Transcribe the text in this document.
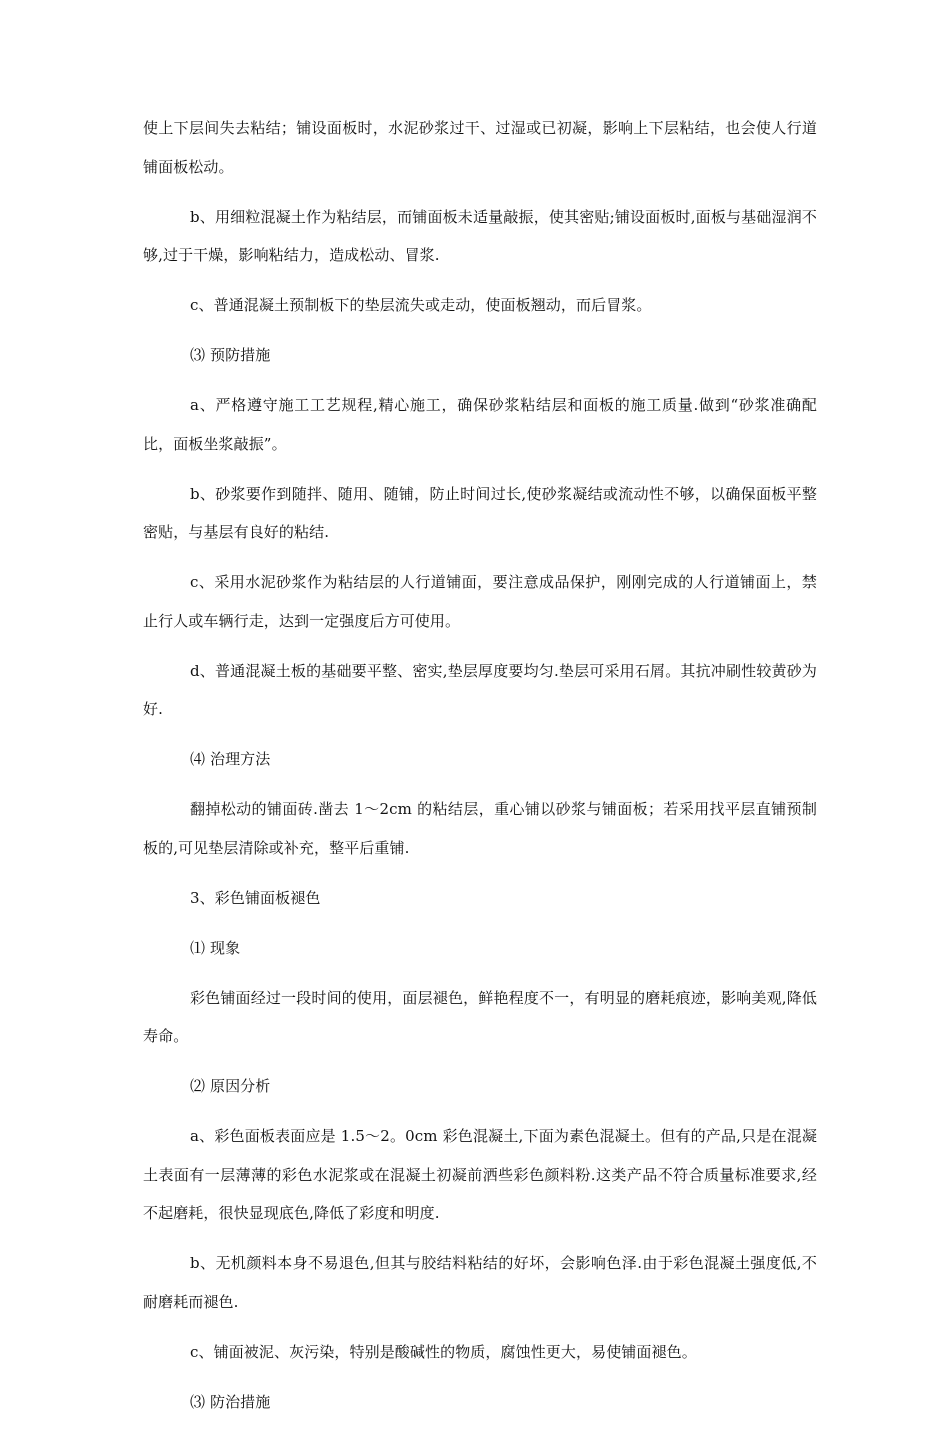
使上下层间失去粘结；铺设面板时，水泥砂浆过干、过湿或已初凝，影响上下层粘结，也会使人行道铺面板松动。

b、用细粒混凝土作为粘结层，而铺面板未适量敲振，使其密贴;铺设面板时,面板与基础湿润不够,过于干燥，影响粘结力，造成松动、冒浆.

c、普通混凝土预制板下的垫层流失或走动，使面板翘动，而后冒浆。

⑶ 预防措施

a、严格遵守施工工艺规程,精心施工，确保砂浆粘结层和面板的施工质量.做到“砂浆准确配比，面板坐浆敲振”。

b、砂浆要作到随拌、随用、随铺，防止时间过长,使砂浆凝结或流动性不够，以确保面板平整密贴，与基层有良好的粘结.

c、采用水泥砂浆作为粘结层的人行道铺面，要注意成品保护，刚刚完成的人行道铺面上，禁止行人或车辆行走，达到一定强度后方可使用。

d、普通混凝土板的基础要平整、密实,垫层厚度要均匀.垫层可采用石屑。其抗冲刷性较黄砂为好.

⑷ 治理方法

翻掉松动的铺面砖.凿去 1～2cm 的粘结层，重心铺以砂浆与铺面板；若采用找平层直铺预制板的,可见垫层清除或补充，整平后重铺.

3、彩色铺面板褪色

⑴ 现象

彩色铺面经过一段时间的使用，面层褪色，鲜艳程度不一，有明显的磨耗痕迹，影响美观,降低寿命。

⑵ 原因分析

a、彩色面板表面应是 1.5～2。0cm 彩色混凝土,下面为素色混凝土。但有的产品,只是在混凝土表面有一层薄薄的彩色水泥浆或在混凝土初凝前洒些彩色颜料粉.这类产品不符合质量标准要求,经不起磨耗，很快显现底色,降低了彩度和明度.

b、无机颜料本身不易退色,但其与胶结料粘结的好坏，会影响色泽.由于彩色混凝土强度低,不耐磨耗而褪色.

c、铺面被泥、灰污染，特别是酸碱性的物质，腐蚀性更大，易使铺面褪色。

⑶ 防治措施
